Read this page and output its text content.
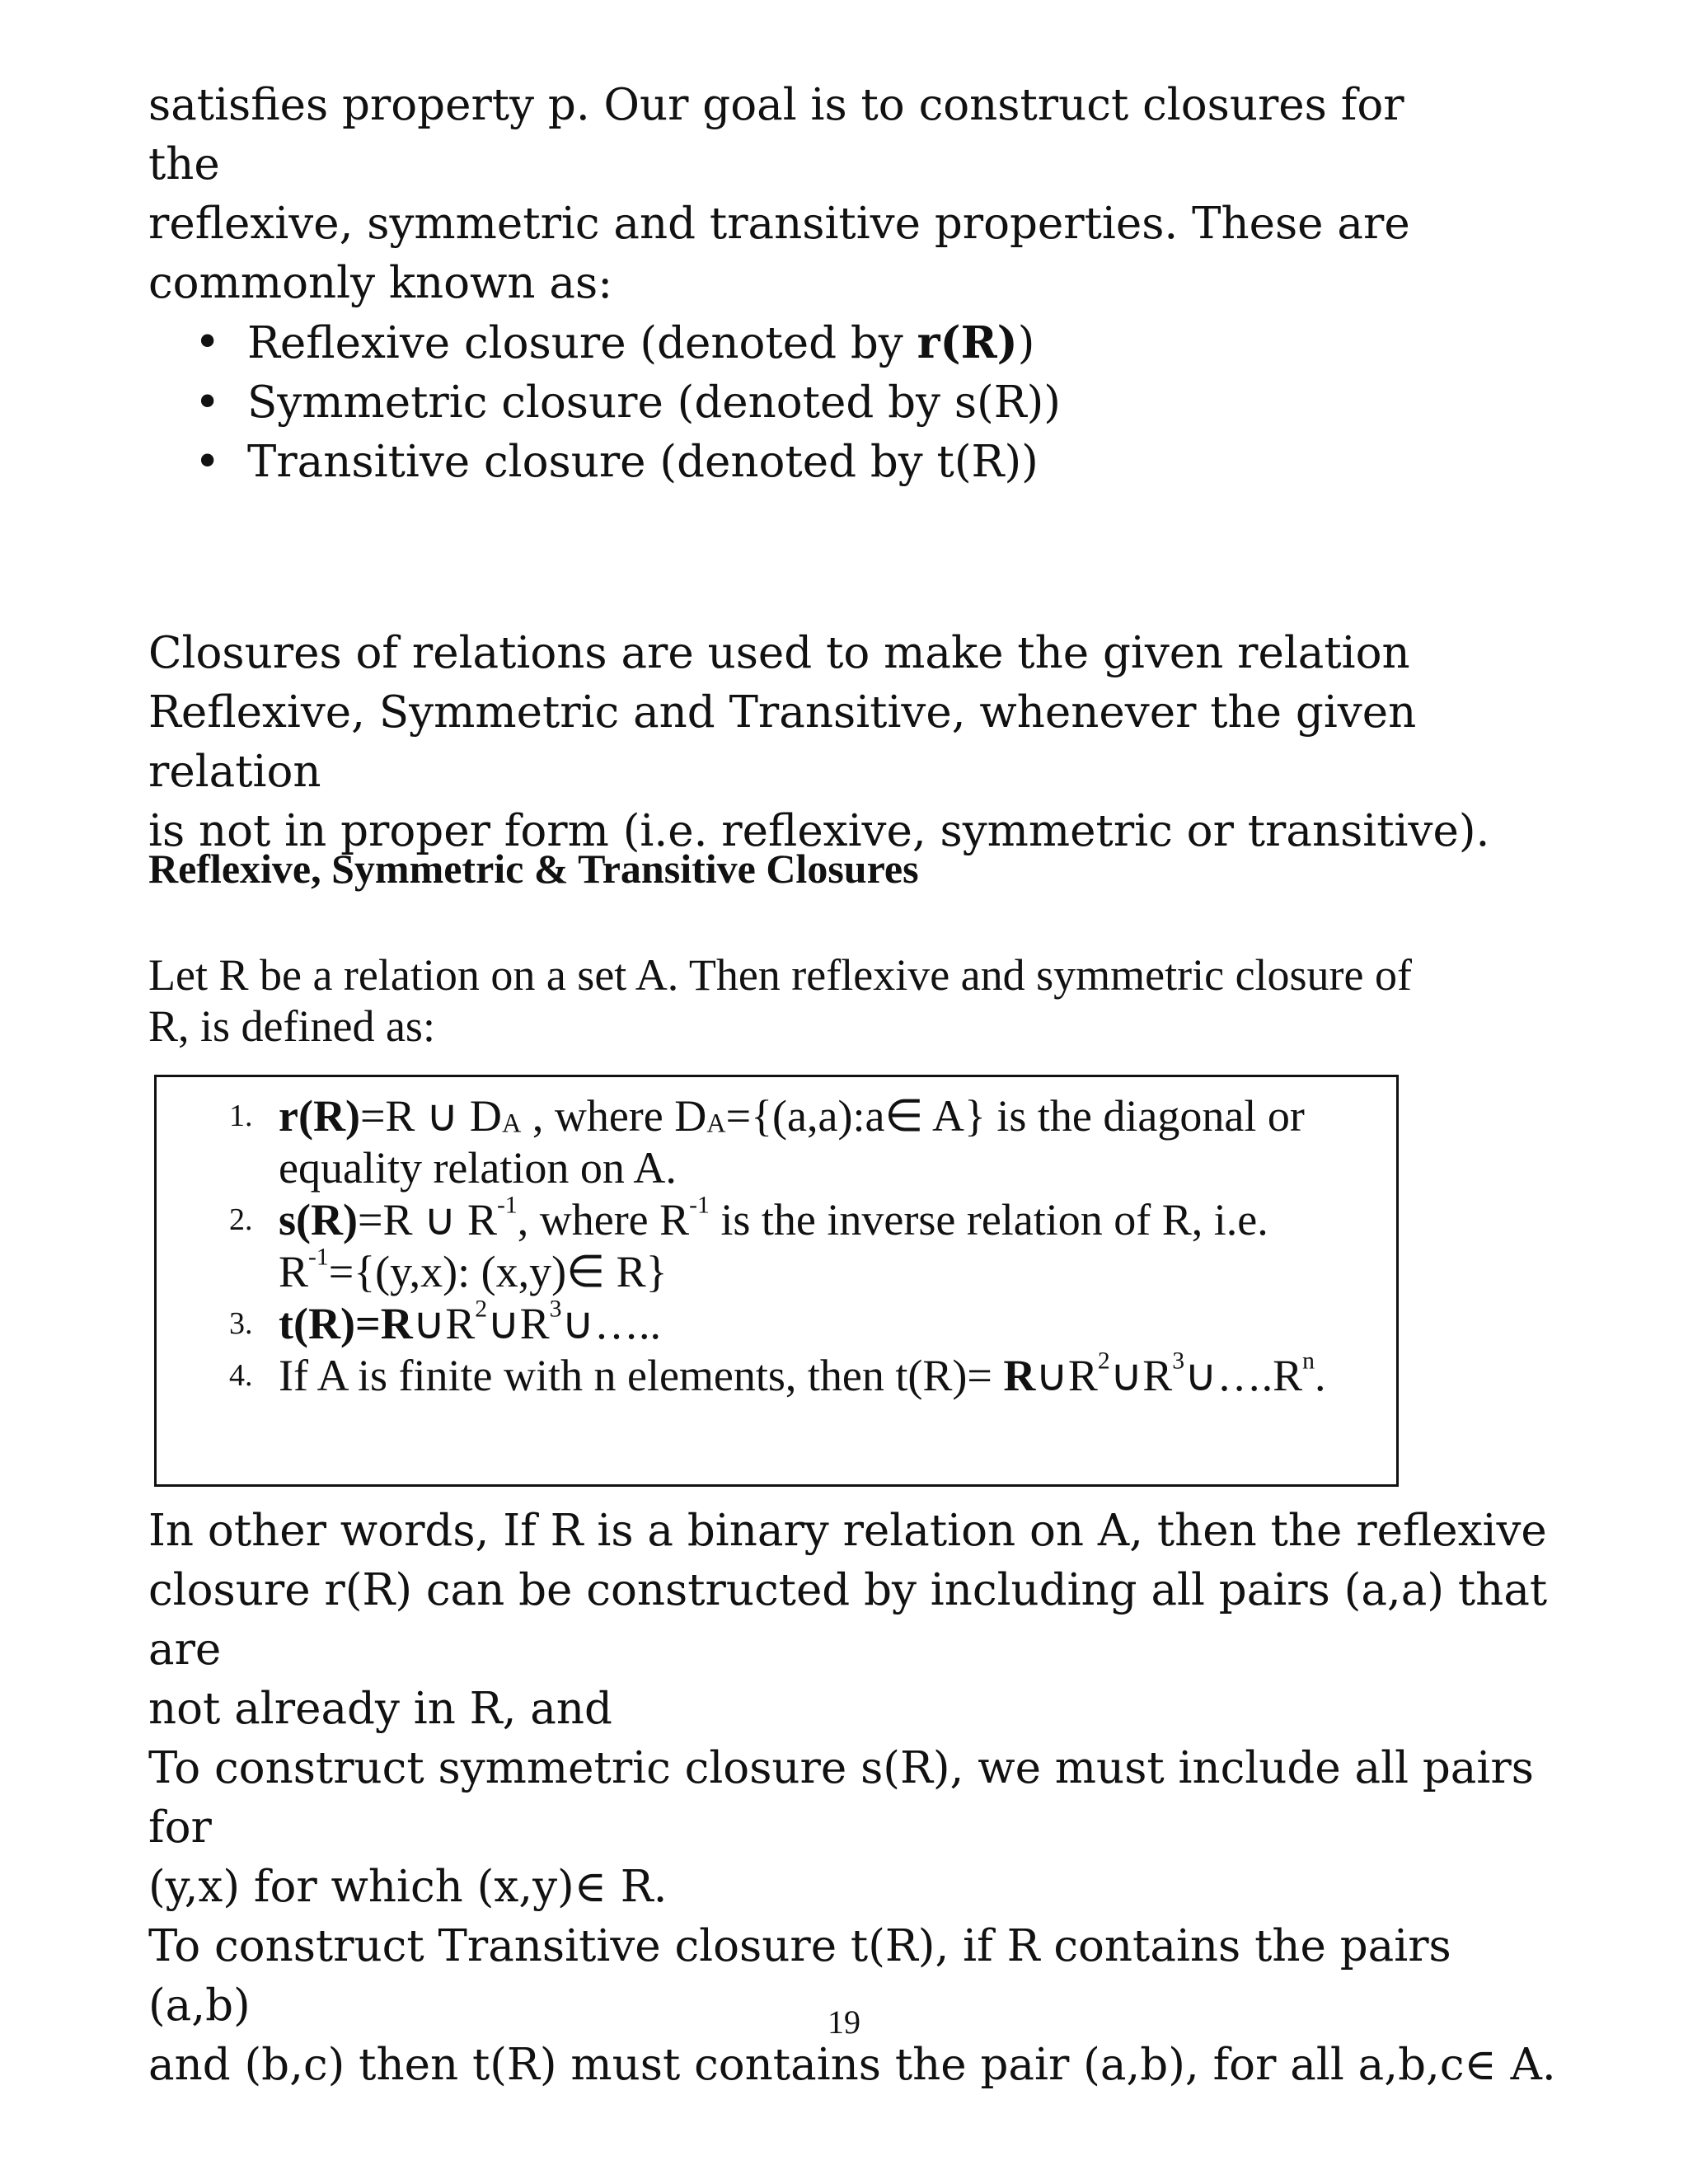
satisfies property p. Our goal is to construct closures for the
reflexive, symmetric and transitive properties. These are
commonly known as:

• Reflexive closure (denoted by r(R))
• Symmetric closure (denoted by s(R))
• Transitive closure (denoted by t(R))

Closures of relations are used to make the given relation
Reflexive, Symmetric and Transitive, whenever the given relation
is not in proper form (i.e. reflexive, symmetric or transitive).

Reflexive, Symmetric & Transitive Closures

Let R be a relation on a set A. Then reflexive and symmetric closure of
R, is defined as:

1. r(R)=R ∪ $D_A$ , where $D_A=\{(a,a):a\in$ A} is the diagonal or
equality relation on A.
2. s(R)=R ∪ $R^{-1}$, where $R^{-1}$ is the inverse relation of R, i.e.
$R^{-1}=\{(y,x)$: (x,y)∈ R}
3. $t(R)=R\cup R^2\cup R^3\cup\dots$..
4. If A is finite with n elements, then $t(R)= R\cup R^2\cup R^3\cup\dots.R^n$.

In other words, If R is a binary relation on A, then the reflexive
closure r(R) can be constructed by including all pairs (a,a) that are
not already in R, and
To construct symmetric closure s(R), we must include all pairs for
(y,x) for which (x,y)∈ R.
To construct Transitive closure t(R), if R contains the pairs (a,b)
and (b,c) then t(R) must contains the pair (a,b), for all a,b,c∈ A.

19
